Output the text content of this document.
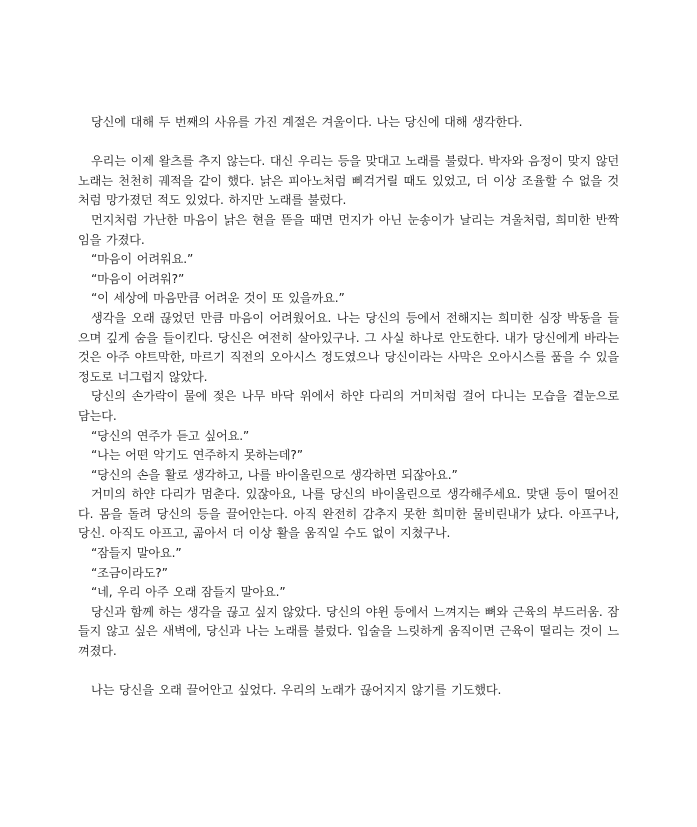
당신에 대해 두 번째의 사유를 가진 계절은 겨울이다. 나는 당신에 대해 생각한다.

우리는 이제 왈츠를 추지 않는다. 대신 우리는 등을 맞대고 노래를 불렀다. 박자와 음정이 맞지 않던 노래는 천천히 궤적을 같이 했다. 낡은 피아노처럼 삐걱거릴 때도 있었고, 더 이상 조율할 수 없을 것처럼 망가졌던 적도 있었다. 하지만 노래를 불렀다.

먼지처럼 가난한 마음이 낡은 현을 뜯을 때면 먼지가 아닌 눈송이가 날리는 겨울처럼, 희미한 반짝임을 가졌다.

“마음이 어려워요.”

“마음이 어려워?”

“이 세상에 마음만큼 어려운 것이 또 있을까요.”

생각을 오래 끊었던 만큼 마음이 어려웠어요. 나는 당신의 등에서 전해지는 희미한 심장 박동을 들으며 깊게 숨을 들이킨다. 당신은 여전히 살아있구나. 그 사실 하나로 안도한다. 내가 당신에게 바라는 것은 아주 야트막한, 마르기 직전의 오아시스 정도였으나 당신이라는 사막은 오아시스를 품을 수 있을 정도로 너그럽지 않았다.

당신의 손가락이 물에 젖은 나무 바닥 위에서 하얀 다리의 거미처럼 걸어 다니는 모습을 곁눈으로 담는다.

“당신의 연주가 듣고 싶어요.”

“나는 어떤 악기도 연주하지 못하는데?”

“당신의 손을 활로 생각하고, 나를 바이올린으로 생각하면 되잖아요.”

거미의 하얀 다리가 멈춘다. 있잖아요, 나를 당신의 바이올린으로 생각해주세요. 맞댄 등이 떨어진다. 몸을 돌려 당신의 등을 끌어안는다. 아직 완전히 감추지 못한 희미한 물비린내가 났다. 아프구나, 당신. 아직도 아프고, 곪아서 더 이상 활을 움직일 수도 없이 지쳤구나.

“잠들지 말아요.”

“조금이라도?”

“네, 우리 아주 오래 잠들지 말아요.”

당신과 함께 하는 생각을 끊고 싶지 않았다. 당신의 야윈 등에서 느껴지는 뼈와 근육의 부드러움. 잠들지 않고 싶은 새벽에, 당신과 나는 노래를 불렀다. 입술을 느릿하게 움직이면 근육이 떨리는 것이 느껴졌다.

나는 당신을 오래 끌어안고 싶었다. 우리의 노래가 끊어지지 않기를 기도했다.
